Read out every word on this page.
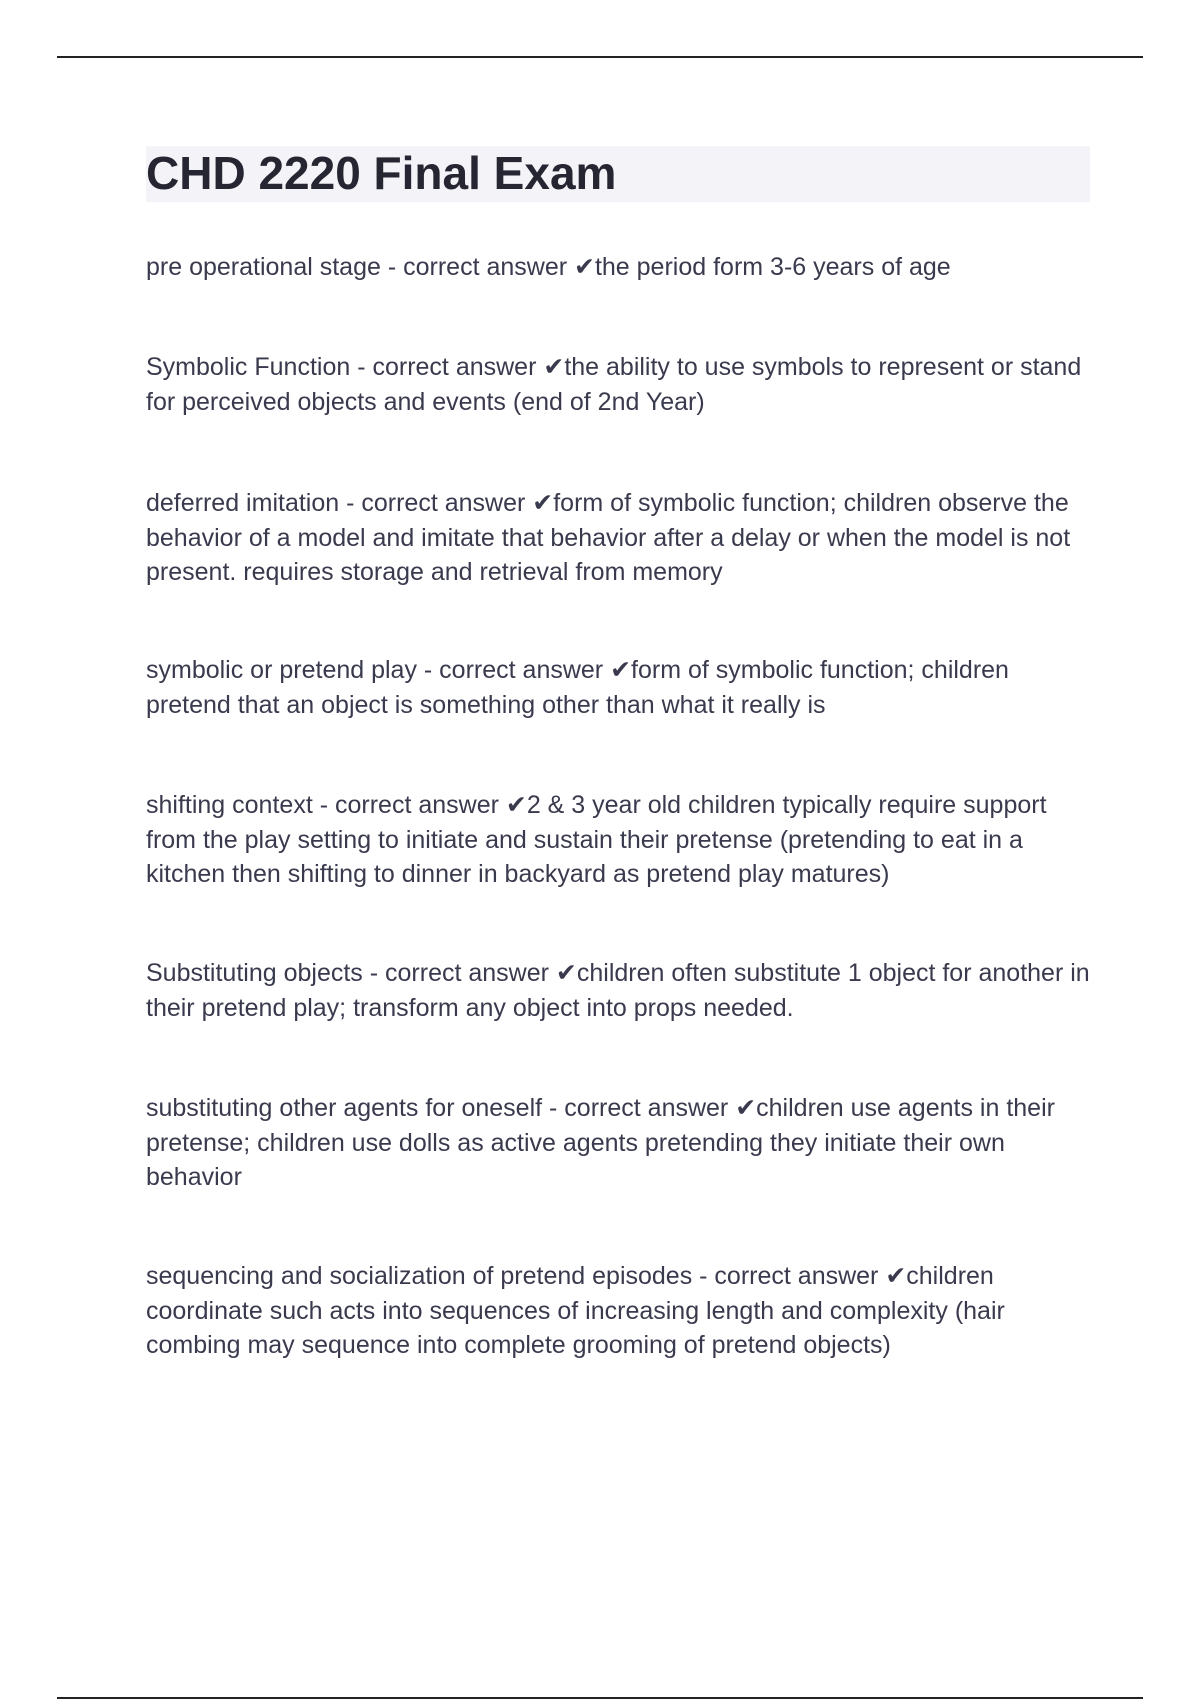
CHD 2220 Final Exam

pre operational stage - correct answer ✔the period form 3-6 years of age

Symbolic Function - correct answer ✔the ability to use symbols to represent or stand for perceived objects and events (end of 2nd Year)

deferred imitation - correct answer ✔form of symbolic function; children observe the behavior of a model and imitate that behavior after a delay or when the model is not present. requires storage and retrieval from memory

symbolic or pretend play - correct answer ✔form of symbolic function; children pretend that an object is something other than what it really is

shifting context - correct answer ✔2 & 3 year old children typically require support from the play setting to initiate and sustain their pretense (pretending to eat in a kitchen then shifting to dinner in backyard as pretend play matures)

Substituting objects - correct answer ✔children often substitute 1 object for another in their pretend play; transform any object into props needed.

substituting other agents for oneself - correct answer ✔children use agents in their pretense; children use dolls as active agents pretending they initiate their own behavior

sequencing and socialization of pretend episodes - correct answer ✔children coordinate such acts into sequences of increasing length and complexity (hair combing may sequence into complete grooming of pretend objects)
